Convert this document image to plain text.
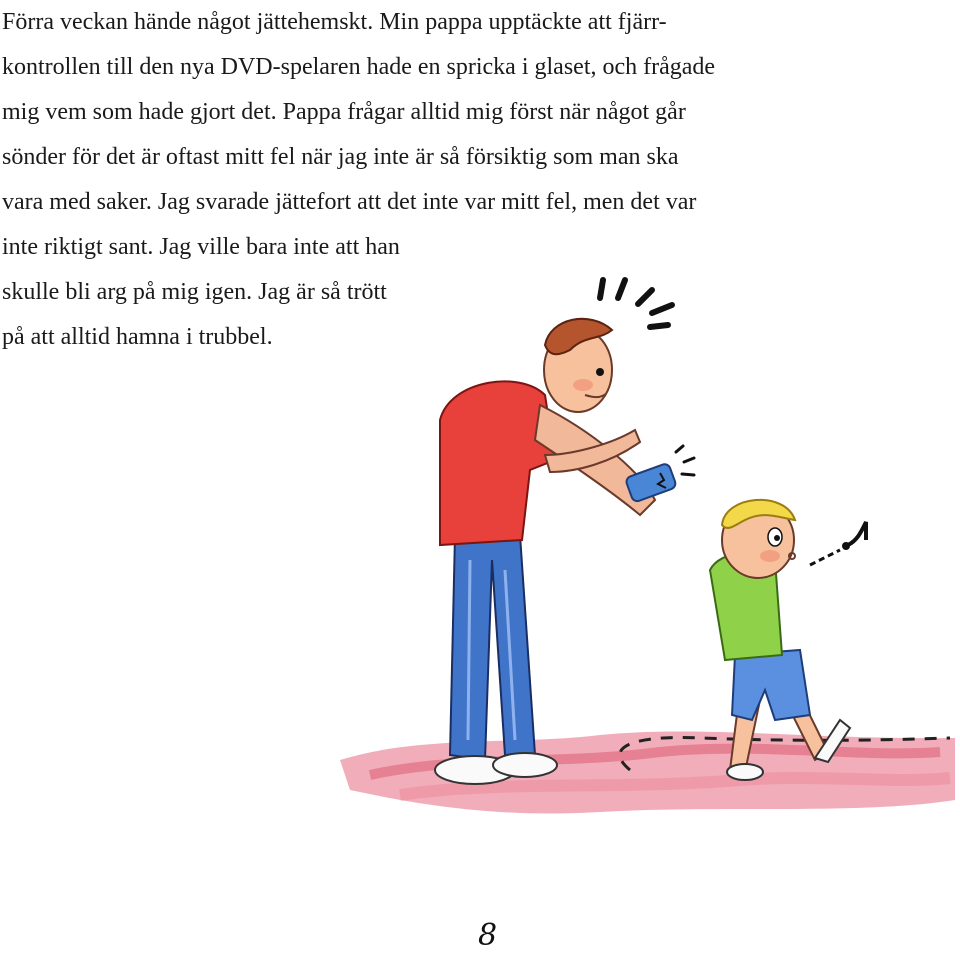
Förra veckan hände något jättehemskt. Min pappa upptäckte att fjärr-
kontrollen till den nya DVD-spelaren hade en spricka i glaset, och frågade
mig vem som hade gjort det. Pappa frågar alltid mig först när något går
sönder för det är oftast mitt fel när jag inte är så försiktig som man ska
vara med saker. Jag svarade jättefort att det inte var mitt fel, men det var
inte riktigt sant. Jag ville bara inte att han
skulle bli arg på mig igen. Jag är så trött
på att alltid hamna i trubbel.
8
